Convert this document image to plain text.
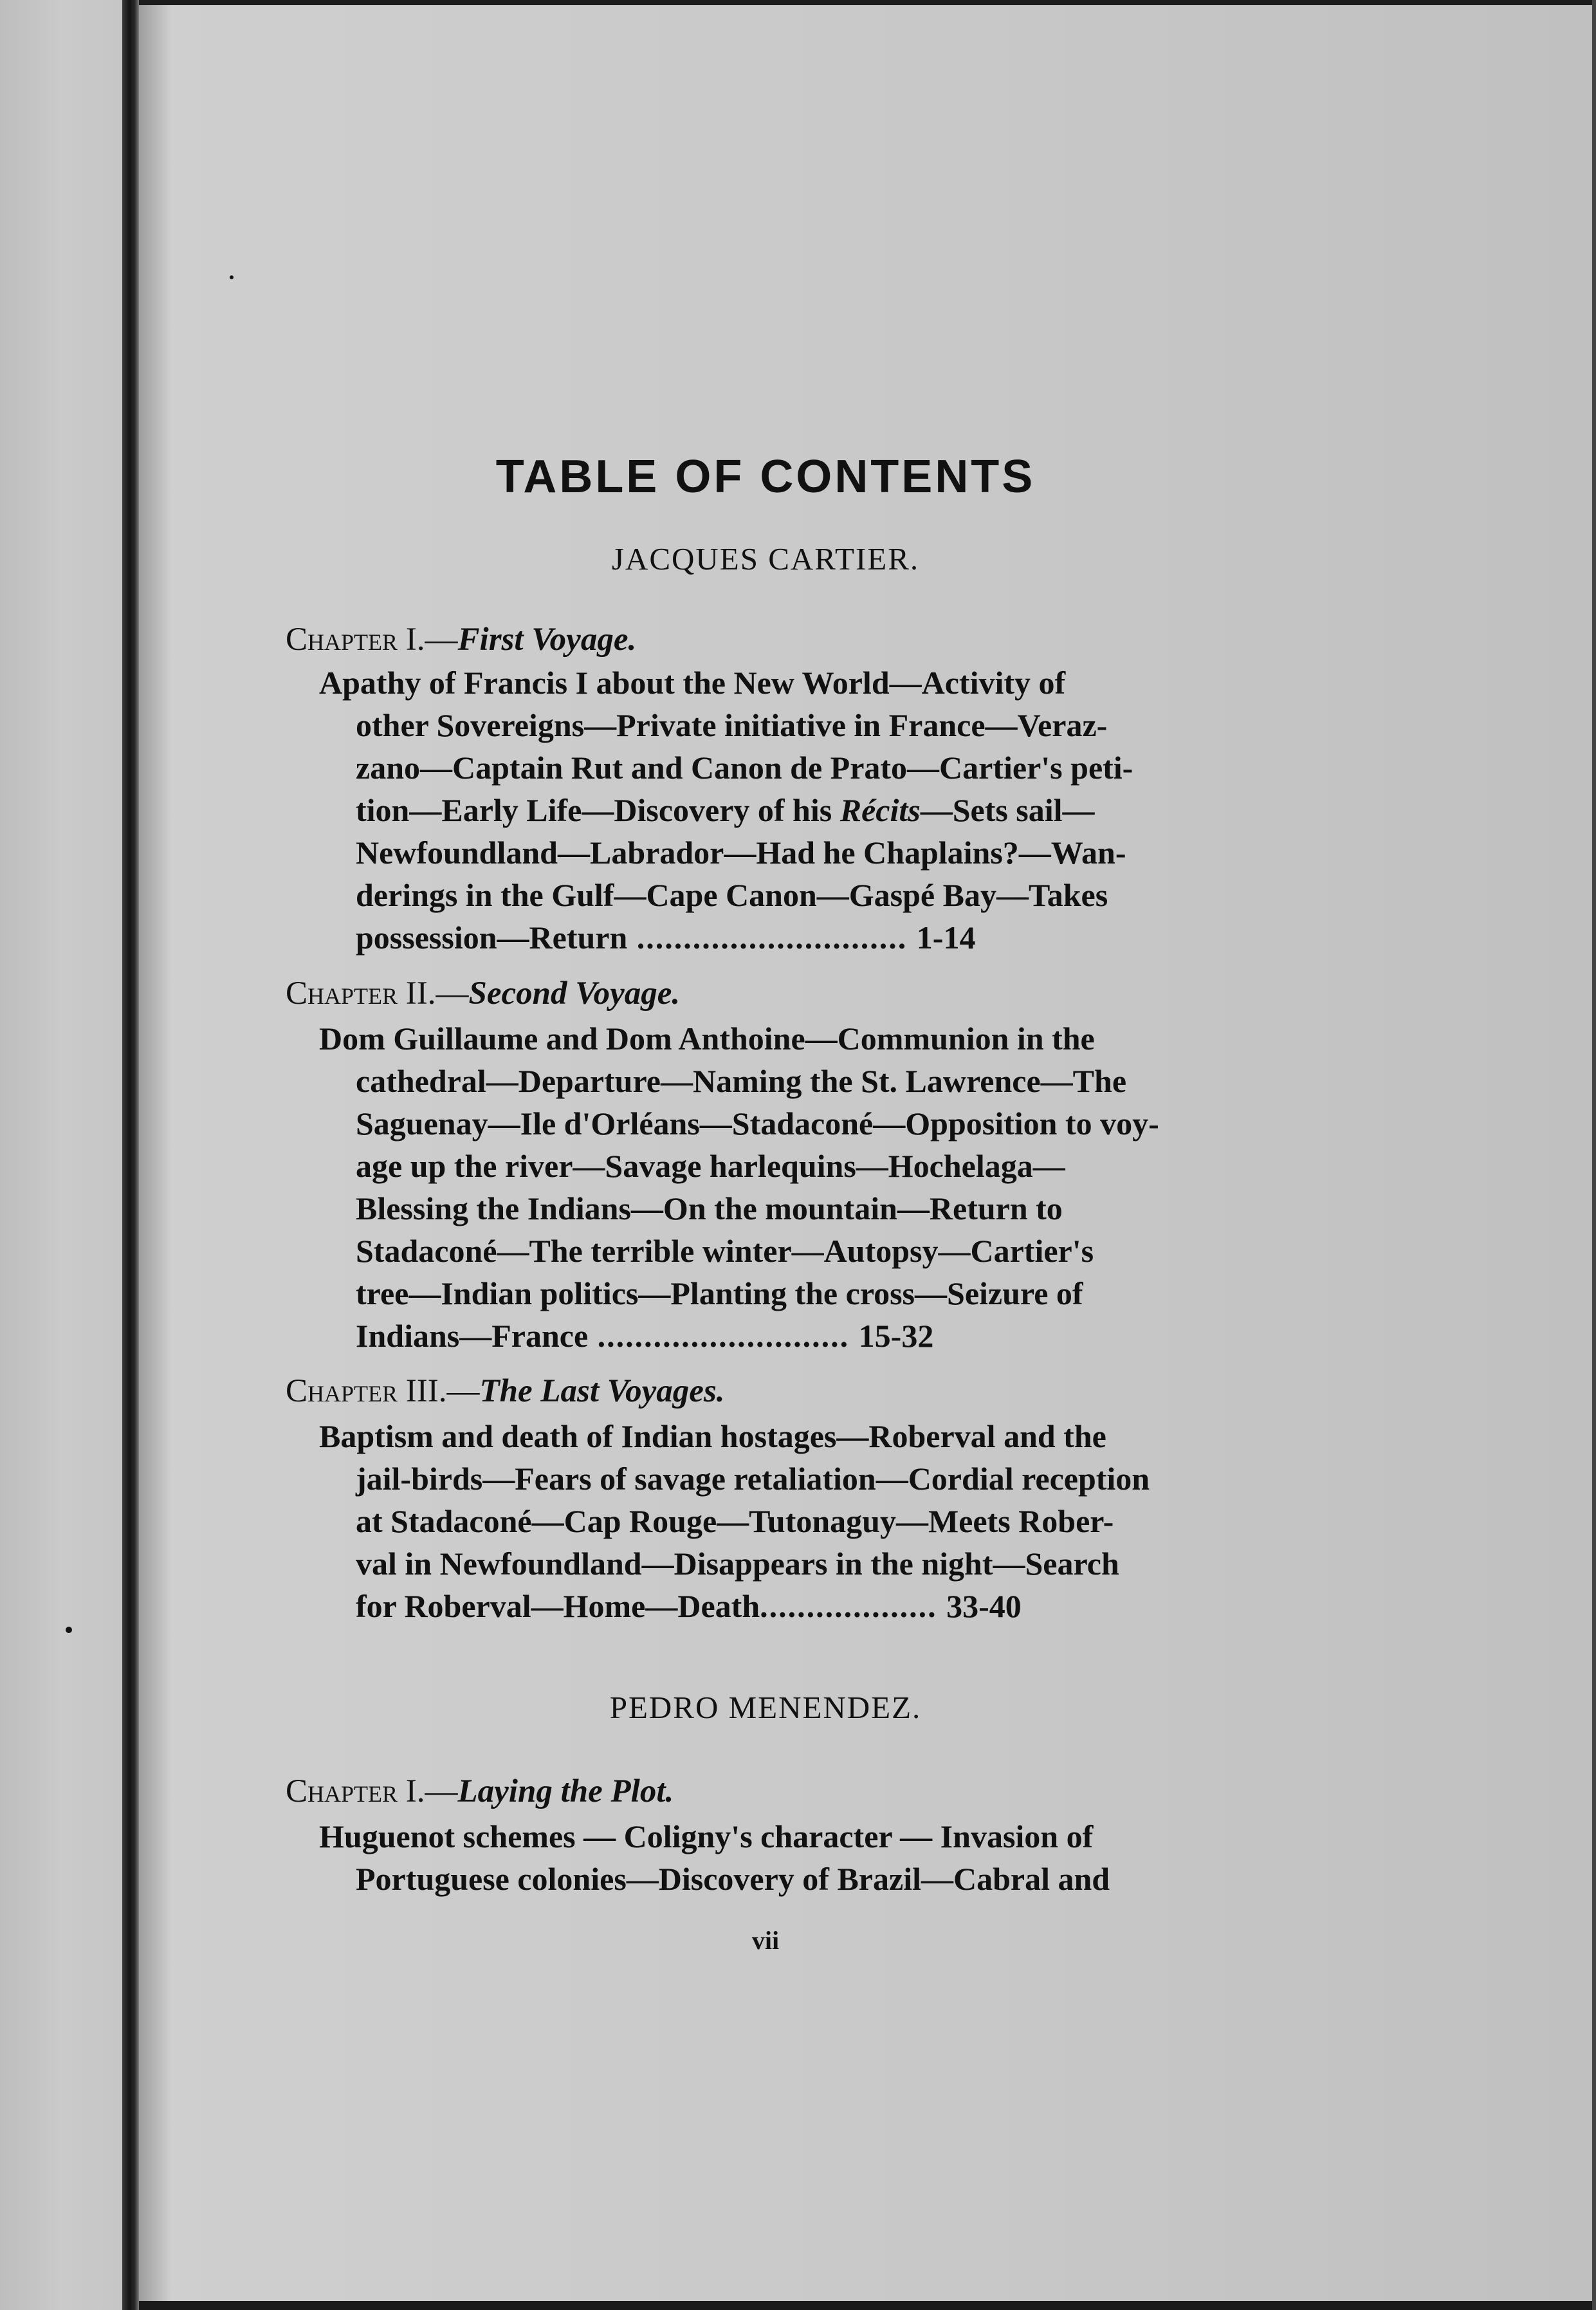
TABLE OF CONTENTS
JACQUES CARTIER.

Chapter I.—First Voyage.

Apathy of Francis I about the New World—Activity of

other Sovereigns—Private initiative in France—Veraz-

zano—Captain Rut and Canon de Prato—Cartier's peti-

tion—Early Life—Discovery of his Récits—Sets sail—

Newfoundland—Labrador—Had he Chaplains?—Wan-

derings in the Gulf—Cape Canon—Gaspé Bay—Takes

possession—Return ............................. 1-14

Chapter II.—Second Voyage.

Dom Guillaume and Dom Anthoine—Communion in the

cathedral—Departure—Naming the St. Lawrence—The

Saguenay—Ile d'Orléans—Stadaconé—Opposition to voy-

age up the river—Savage harlequins—Hochelaga—

Blessing the Indians—On the mountain—Return to

Stadaconé—The terrible winter—Autopsy—Cartier's

tree—Indian politics—Planting the cross—Seizure of

Indians—France ........................... 15-32

Chapter III.—The Last Voyages.

Baptism and death of Indian hostages—Roberval and the

jail-birds—Fears of savage retaliation—Cordial reception

at Stadaconé—Cap Rouge—Tutonaguy—Meets Rober-

val in Newfoundland—Disappears in the night—Search

for Roberval—Home—Death................... 33-40

PEDRO MENENDEZ.

Chapter I.—Laying the Plot.

Huguenot schemes — Coligny's character — Invasion of

Portuguese colonies—Discovery of Brazil—Cabral and

vii
